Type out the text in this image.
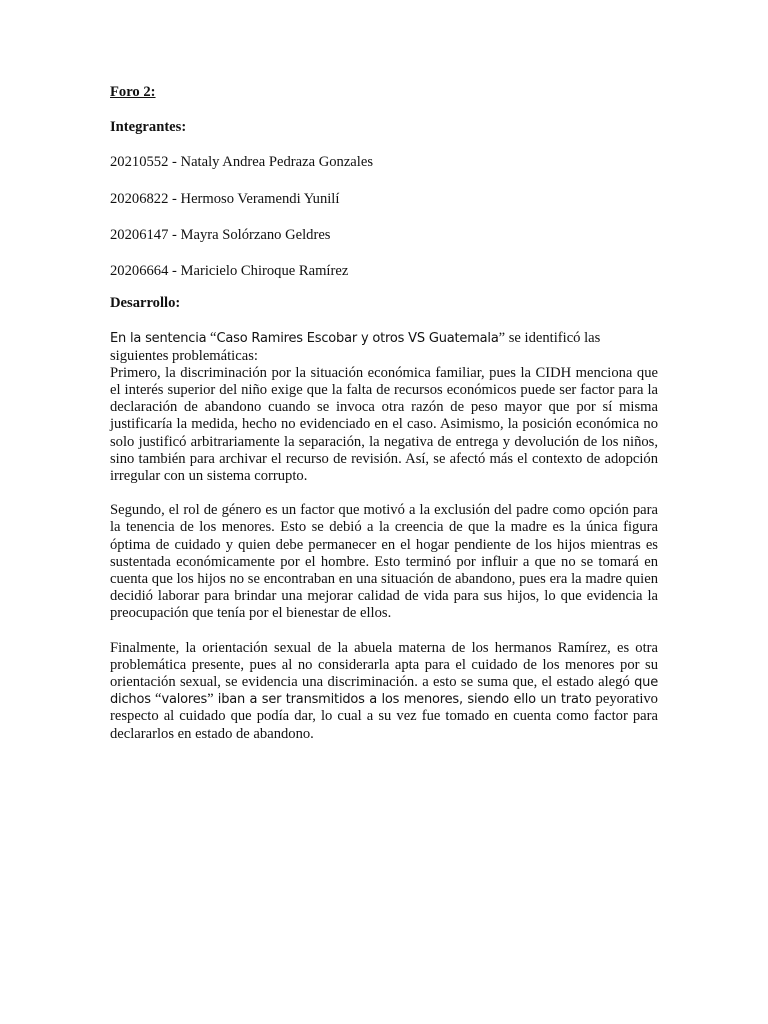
Foro 2:

Integrantes:

20210552 - Nataly Andrea Pedraza Gonzales

20206822 - Hermoso Veramendi Yunilí

20206147 - Mayra Solórzano Geldres

20206664 - Maricielo Chiroque Ramírez

Desarrollo:

En la sentencia “Caso Ramires Escobar y otros VS Guatemala” se identificó las siguientes problemáticas:

Primero, la discriminación por la situación económica familiar, pues la CIDH menciona que el interés superior del niño exige que la falta de recursos económicos puede ser factor para la declaración de abandono cuando se invoca otra razón de peso mayor que por sí misma justificaría la medida, hecho no evidenciado en el caso. Asimismo, la posición económica no solo justificó arbitrariamente la separación, la negativa de entrega y devolución de los niños, sino también para archivar el recurso de revisión. Así, se afectó más el contexto de adopción irregular con un sistema corrupto.

Segundo, el rol de género es un factor que motivó a la exclusión del padre como opción para la tenencia de los menores. Esto se debió a la creencia de que la madre es la única figura óptima de cuidado y quien debe permanecer en el hogar pendiente de los hijos mientras es sustentada económicamente por el hombre. Esto terminó por influir a que no se tomará en cuenta que los hijos no se encontraban en una situación de abandono, pues era la madre quien decidió laborar para brindar una mejorar calidad de vida para sus hijos, lo que evidencia la preocupación que tenía por el bienestar de ellos.

Finalmente, la orientación sexual de la abuela materna de los hermanos Ramírez, es otra problemática presente, pues al no considerarla apta para el cuidado de los menores por su orientación sexual, se evidencia una discriminación. a esto se suma que, el estado alegó que dichos “valores” iban a ser transmitidos a los menores, siendo ello un trato peyorativo respecto al cuidado que podía dar, lo cual a su vez fue tomado en cuenta como factor para declararlos en estado de abandono.
